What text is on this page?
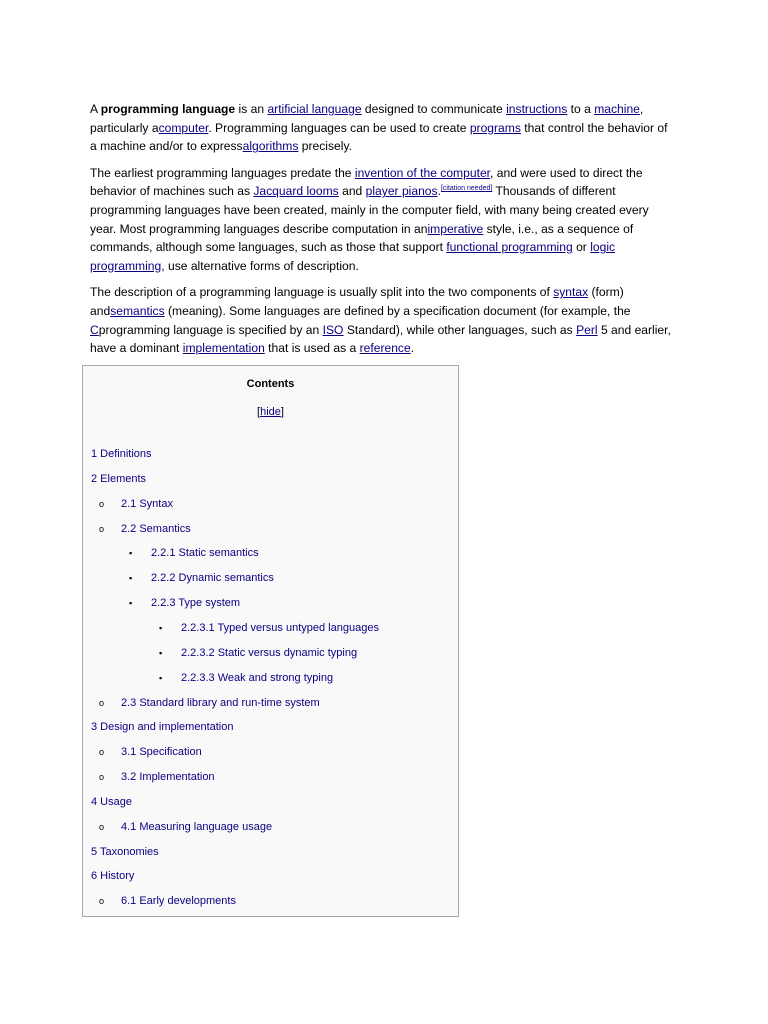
A programming language is an artificial language designed to communicate instructions to a machine, particularly acomputer. Programming languages can be used to create programs that control the behavior of a machine and/or to expressalgorithms precisely.

The earliest programming languages predate the invention of the computer, and were used to direct the behavior of machines such as Jacquard looms and player pianos.[citation needed] Thousands of different programming languages have been created, mainly in the computer field, with many being created every year. Most programming languages describe computation in animperative style, i.e., as a sequence of commands, although some languages, such as those that support functional programming or logic programming, use alternative forms of description.

The description of a programming language is usually split into the two components of syntax (form) andsemantics (meaning). Some languages are defined by a specification document (for example, the Cprogramming language is specified by an ISO Standard), while other languages, such as Perl 5 and earlier, have a dominant implementation that is used as a reference.

Contents
[hide]
1 Definitions
2 Elements
o 2.1 Syntax
o 2.2 Semantics
▪ 2.2.1 Static semantics
▪ 2.2.2 Dynamic semantics
▪ 2.2.3 Type system
▪ 2.2.3.1 Typed versus untyped languages
▪ 2.2.3.2 Static versus dynamic typing
▪ 2.2.3.3 Weak and strong typing
o 2.3 Standard library and run-time system
3 Design and implementation
o 3.1 Specification
o 3.2 Implementation
4 Usage
o 4.1 Measuring language usage
5 Taxonomies
6 History
o 6.1 Early developments
